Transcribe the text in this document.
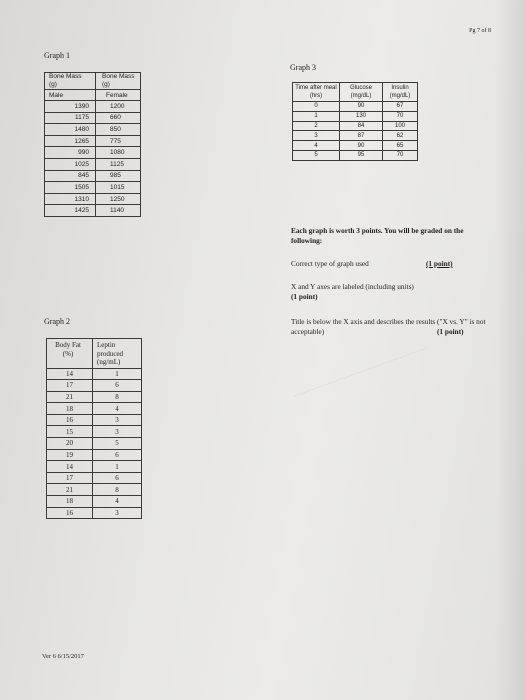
Pg 7 of 8
Graph 1
Bone Mass (g)	Bone Mass (g)

Male	Female
1390	1200
1175	660
1480	850
1265	775
990	1080
1025	1125
845	985
1505	1015
1310	1250
1425	1140
Graph 3
Time after meal (hrs)	Glucose (mg/dL)	Insulin (mg/dL)

0	90	67
1	130	70
2	84	100
3	87	62
4	90	65
5	95	70
Each graph is worth 3 points. You will be graded on the following:
Correct type of graph used	(1 point)
X and Y axes are labeled (including units)
(1 point)
Title is below the X axis and describes the results ("X vs. Y" is not acceptable)	(1 point)
Graph 2
Body Fat (%)	Leptin produced (ng/mL)

14	1
17	6
21	8
18	4
16	3
15	3
20	5
19	6
14	1
17	6
21	8
18	4
16	3
Ver 6 6/15/2017
